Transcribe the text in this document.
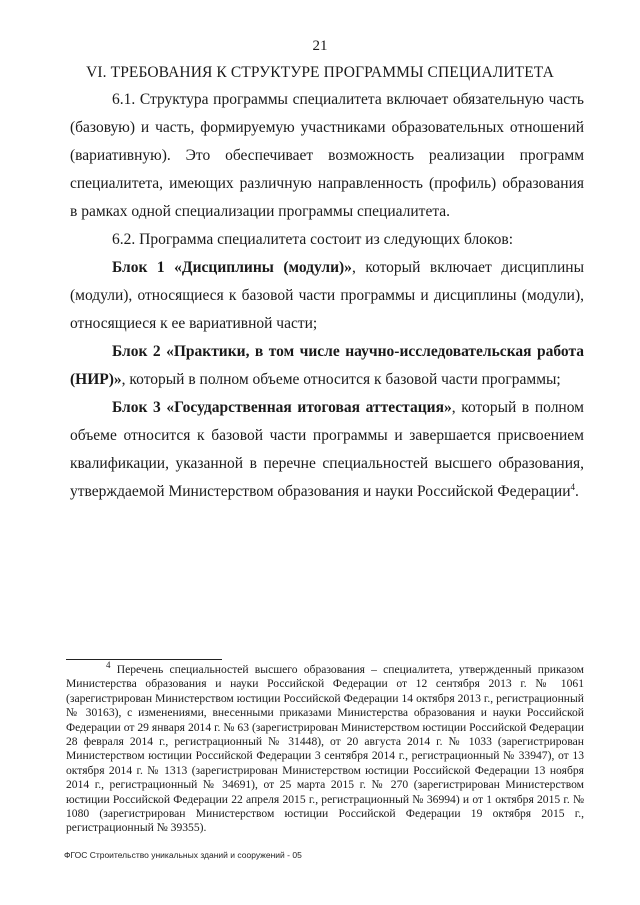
21
VI. ТРЕБОВАНИЯ К СТРУКТУРЕ ПРОГРАММЫ СПЕЦИАЛИТЕТА

6.1. Структура программы специалитета включает обязательную часть (базовую) и часть, формируемую участниками образовательных отношений (вариативную). Это обеспечивает возможность реализации программ специалитета, имеющих различную направленность (профиль) образования в рамках одной специализации программы специалитета.

6.2. Программа специалитета состоит из следующих блоков:

Блок 1 «Дисциплины (модули)», который включает дисциплины (модули), относящиеся к базовой части программы и дисциплины (модули), относящиеся к ее вариативной части;

Блок 2 «Практики, в том числе научно-исследовательская работа (НИР)», который в полном объеме относится к базовой части программы;

Блок 3 «Государственная итоговая аттестация», который в полном объеме относится к базовой части программы и завершается присвоением квалификации, указанной в перечне специальностей высшего образования, утверждаемой Министерством образования и науки Российской Федерации$^4$.

$^4$ Перечень специальностей высшего образования – специалитета, утвержденный приказом Министерства образования и науки Российской Федерации от 12 сентября 2013 г. № 1061 (зарегистрирован Министерством юстиции Российской Федерации 14 октября 2013 г., регистрационный № 30163), с изменениями, внесенными приказами Министерства образования и науки Российской Федерации от 29 января 2014 г. № 63 (зарегистрирован Министерством юстиции Российской Федерации 28 февраля 2014 г., регистрационный № 31448), от 20 августа 2014 г. № 1033 (зарегистрирован Министерством юстиции Российской Федерации 3 сентября 2014 г., регистрационный № 33947), от 13 октября 2014 г. № 1313 (зарегистрирован Министерством юстиции Российской Федерации 13 ноября 2014 г., регистрационный № 34691), от 25 марта 2015 г. № 270 (зарегистрирован Министерством юстиции Российской Федерации 22 апреля 2015 г., регистрационный № 36994) и от 1 октября 2015 г. № 1080 (зарегистрирован Министерством юстиции Российской Федерации 19 октября 2015 г., регистрационный № 39355).

ФГОС Строительство уникальных зданий и сооружений - 05
